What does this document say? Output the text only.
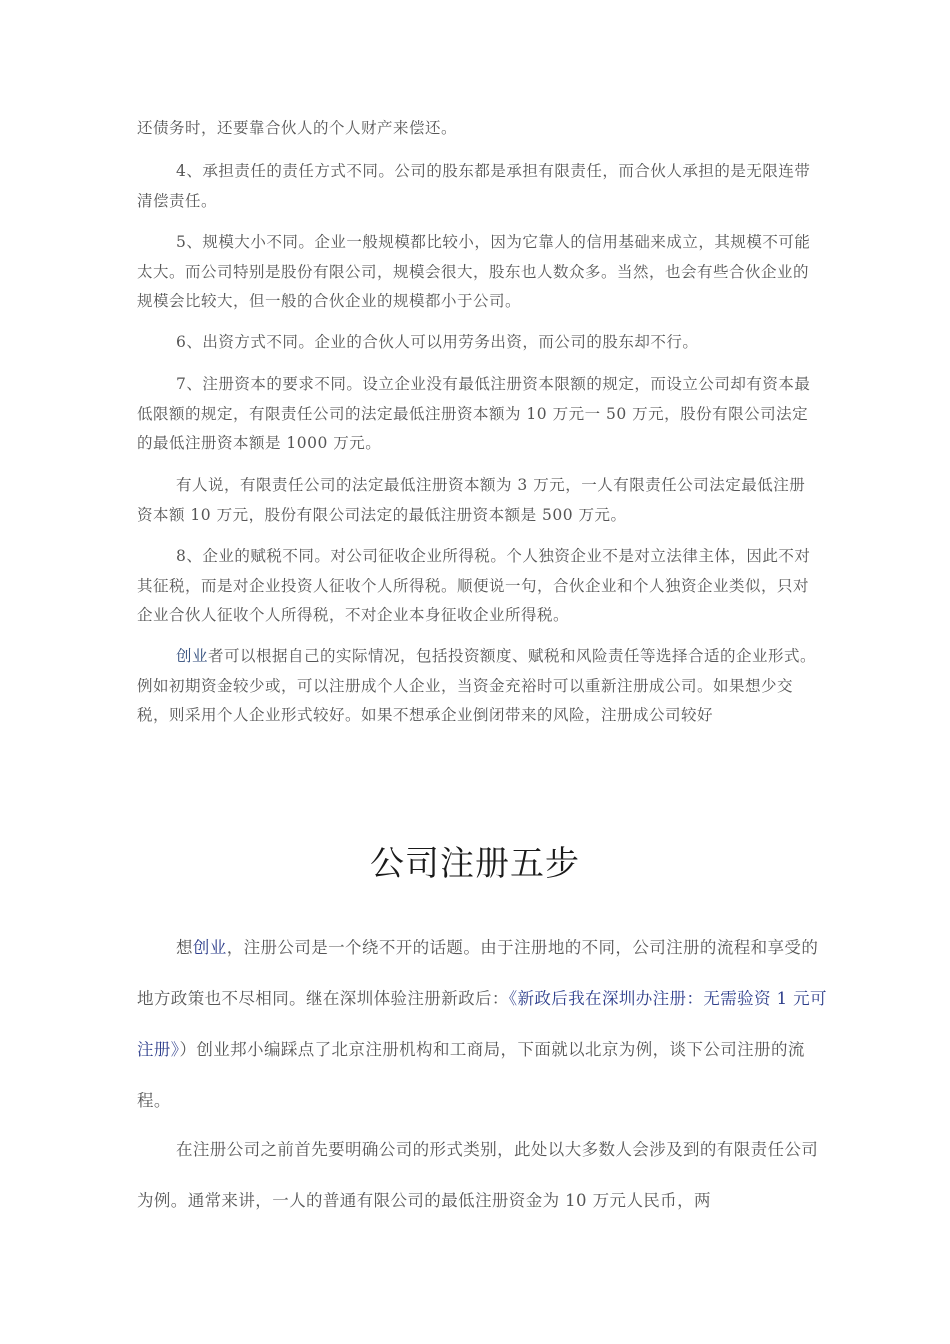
还债务时，还要靠合伙人的个人财产来偿还。
4、承担责任的责任方式不同。公司的股东都是承担有限责任，而合伙人承担的是无限连带清偿责任。
5、规模大小不同。企业一般规模都比较小，因为它靠人的信用基础来成立，其规模不可能太大。而公司特别是股份有限公司，规模会很大，股东也人数众多。当然，也会有些合伙企业的规模会比较大，但一般的合伙企业的规模都小于公司。
6、出资方式不同。企业的合伙人可以用劳务出资，而公司的股东却不行。
7、注册资本的要求不同。设立企业没有最低注册资本限额的规定，而设立公司却有资本最低限额的规定，有限责任公司的法定最低注册资本额为 10 万元一 50 万元，股份有限公司法定的最低注册资本额是 1000 万元。
有人说，有限责任公司的法定最低注册资本额为 3 万元，一人有限责任公司法定最低注册资本额 10 万元，股份有限公司法定的最低注册资本额是 500 万元。
8、企业的赋税不同。对公司征收企业所得税。个人独资企业不是对立法律主体，因此不对其征税，而是对企业投资人征收个人所得税。顺便说一句，合伙企业和个人独资企业类似，只对企业合伙人征收个人所得税，不对企业本身征收企业所得税。
创业者可以根据自己的实际情况，包括投资额度、赋税和风险责任等选择合适的企业形式。例如初期资金较少或，可以注册成个人企业，当资金充裕时可以重新注册成公司。如果想少交税，则采用个人企业形式较好。如果不想承企业倒闭带来的风险，注册成公司较好
公司注册五步
想创业，注册公司是一个绕不开的话题。由于注册地的不同，公司注册的流程和享受的地方政策也不尽相同。继在深圳体验注册新政后：《新政后我在深圳办注册：无需验资 1 元可注册》）创业邦小编踩点了北京注册机构和工商局，下面就以北京为例，谈下公司注册的流程。
在注册公司之前首先要明确公司的形式类别，此处以大多数人会涉及到的有限责任公司为例。通常来讲，一人的普通有限公司的最低注册资金为 10 万元人民币，两
